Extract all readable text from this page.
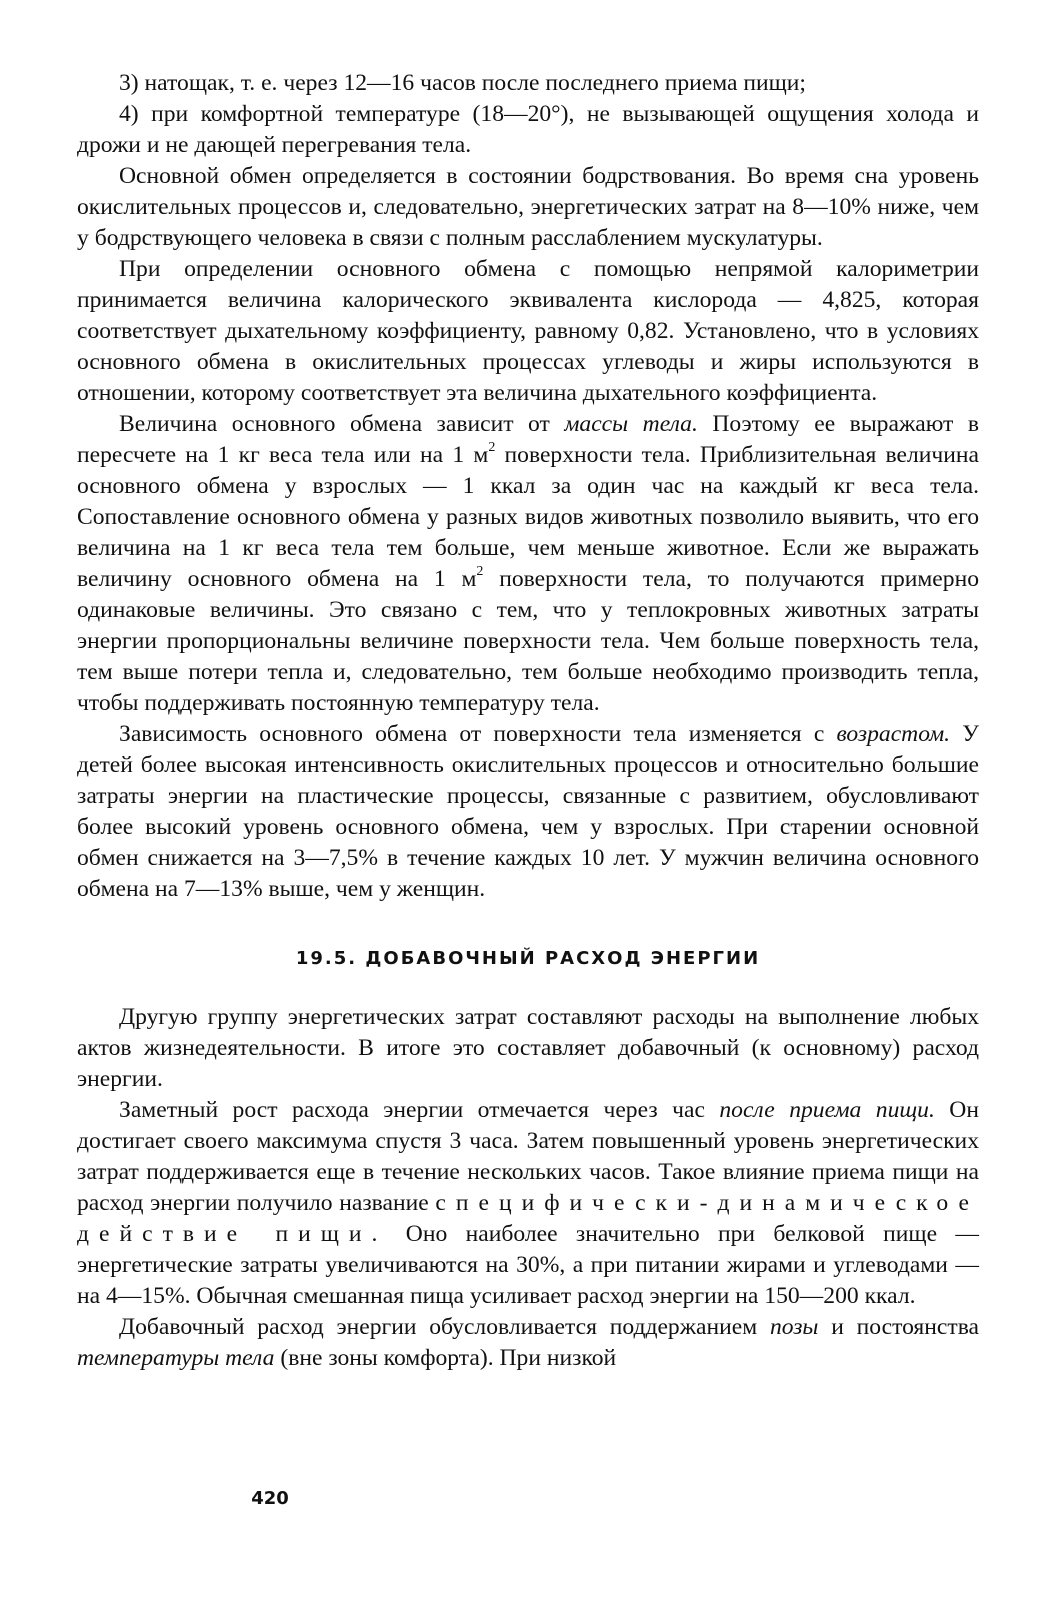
3) натощак, т. е. через 12—16 часов после последнего приема пищи;

4) при комфортной температуре (18—20°), не вызывающей ощущения холода и дрожи и не дающей перегревания тела.

Основной обмен определяется в состоянии бодрствования. Во время сна уровень окислительных процессов и, следовательно, энергетических затрат на 8—10% ниже, чем у бодрствующего человека в связи с полным расслаблением мускулатуры.

При определении основного обмена с помощью непрямой калориметрии принимается величина калорического эквивалента кислорода — 4,825, которая соответствует дыхательному коэффициенту, равному 0,82. Установлено, что в условиях основного обмена в окислительных процессах углеводы и жиры используются в отношении, которому соответствует эта величина дыхательного коэффициента.

Величина основного обмена зависит от массы тела. Поэтому ее выражают в пересчете на 1 кг веса тела или на 1 $м^2$ поверхности тела. Приблизительная величина основного обмена у взрослых — 1 ккал за один час на каждый кг веса тела. Сопоставление основного обмена у разных видов животных позволило выявить, что его величина на 1 кг веса тела тем больше, чем меньше животное. Если же выражать величину основного обмена на 1 $м^2$ поверхности тела, то получаются примерно одинаковые величины. Это связано с тем, что у теплокровных животных затраты энергии пропорциональны величине поверхности тела. Чем больше поверхность тела, тем выше потери тепла и, следовательно, тем больше необходимо производить тепла, чтобы поддерживать постоянную температуру тела.

Зависимость основного обмена от поверхности тела изменяется с возрастом. У детей более высокая интенсивность окислительных процессов и относительно большие затраты энергии на пластические процессы, связанные с развитием, обусловливают более высокий уровень основного обмена, чем у взрослых. При старении основной обмен снижается на 3—7,5% в течение каждых 10 лет. У мужчин величина основного обмена на 7—13% выше, чем у женщин.

19.5. ДОБАВОЧНЫЙ РАСХОД ЭНЕРГИИ

Другую группу энергетических затрат составляют расходы на выполнение любых актов жизнедеятельности. В итоге это составляет добавочный (к основному) расход энергии.

Заметный рост расхода энергии отмечается через час после приема пищи. Он достигает своего максимума спустя 3 часа. Затем повышенный уровень энергетических затрат поддерживается еще в течение нескольких часов. Такое влияние приема пищи на расход энергии получило название специфически-динамическое действие пищи. Оно наиболее значительно при белковой пище — энергетические затраты увеличиваются на 30%, а при питании жирами и углеводами — на 4—15%. Обычная смешанная пища усиливает расход энергии на 150—200 ккал.

Добавочный расход энергии обусловливается поддержанием позы и постоянства температуры тела (вне зоны комфорта). При низкой

420
